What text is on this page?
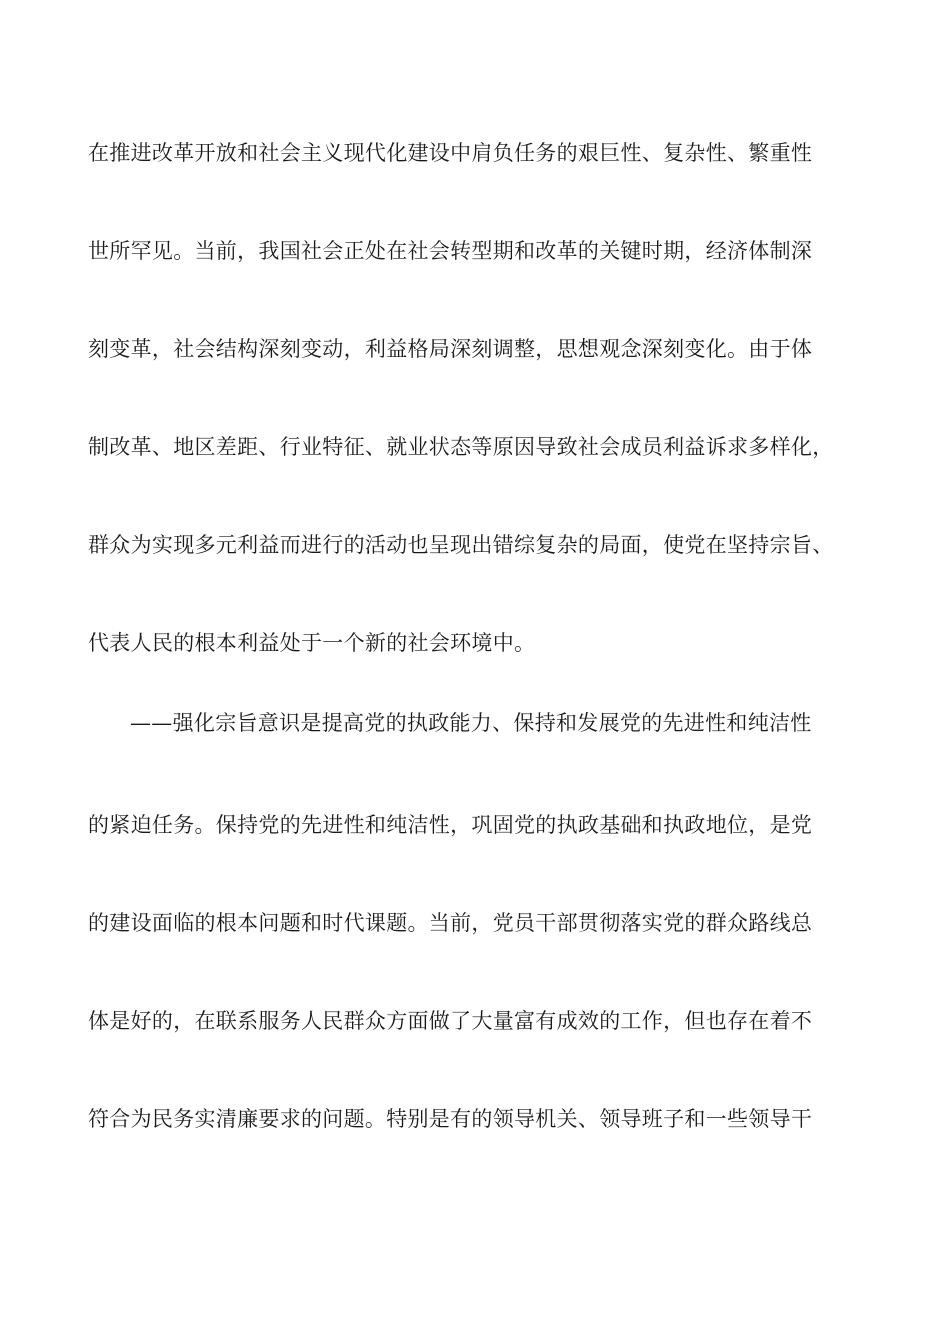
在推进改革开放和社会主义现代化建设中肩负任务的艰巨性、复杂性、繁重性
世所罕见。当前，我国社会正处在社会转型期和改革的关键时期，经济体制深
刻变革，社会结构深刻变动，利益格局深刻调整，思想观念深刻变化。由于体
制改革、地区差距、行业特征、就业状态等原因导致社会成员利益诉求多样化，
群众为实现多元利益而进行的活动也呈现出错综复杂的局面，使党在坚持宗旨、
代表人民的根本利益处于一个新的社会环境中。
——强化宗旨意识是提高党的执政能力、保持和发展党的先进性和纯洁性
的紧迫任务。保持党的先进性和纯洁性，巩固党的执政基础和执政地位，是党
的建设面临的根本问题和时代课题。当前，党员干部贯彻落实党的群众路线总
体是好的，在联系服务人民群众方面做了大量富有成效的工作，但也存在着不
符合为民务实清廉要求的问题。特别是有的领导机关、领导班子和一些领导干
